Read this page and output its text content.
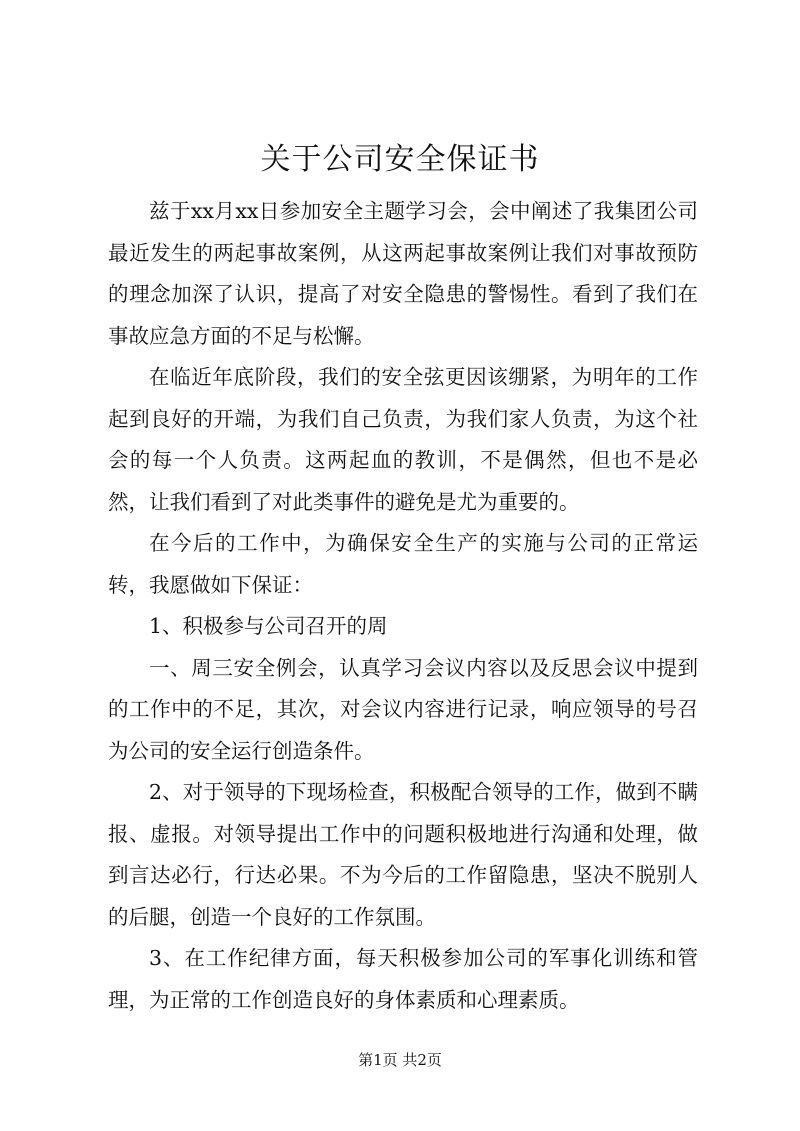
关于公司安全保证书

兹于xx月xx日参加安全主题学习会，会中阐述了我集团公司最近发生的两起事故案例，从这两起事故案例让我们对事故预防的理念加深了认识，提高了对安全隐患的警惕性。看到了我们在事故应急方面的不足与松懈。

在临近年底阶段，我们的安全弦更因该绷紧，为明年的工作起到良好的开端，为我们自己负责，为我们家人负责，为这个社会的每一个人负责。这两起血的教训，不是偶然，但也不是必然，让我们看到了对此类事件的避免是尤为重要的。

在今后的工作中，为确保安全生产的实施与公司的正常运转，我愿做如下保证：

1、积极参与公司召开的周

一、周三安全例会，认真学习会议内容以及反思会议中提到的工作中的不足，其次，对会议内容进行记录，响应领导的号召为公司的安全运行创造条件。

2、对于领导的下现场检查，积极配合领导的工作，做到不瞒报、虚报。对领导提出工作中的问题积极地进行沟通和处理，做到言达必行，行达必果。不为今后的工作留隐患，坚决不脱别人的后腿，创造一个良好的工作氛围。

3、在工作纪律方面，每天积极参加公司的军事化训练和管理，为正常的工作创造良好的身体素质和心理素质。

第1页 共2页
